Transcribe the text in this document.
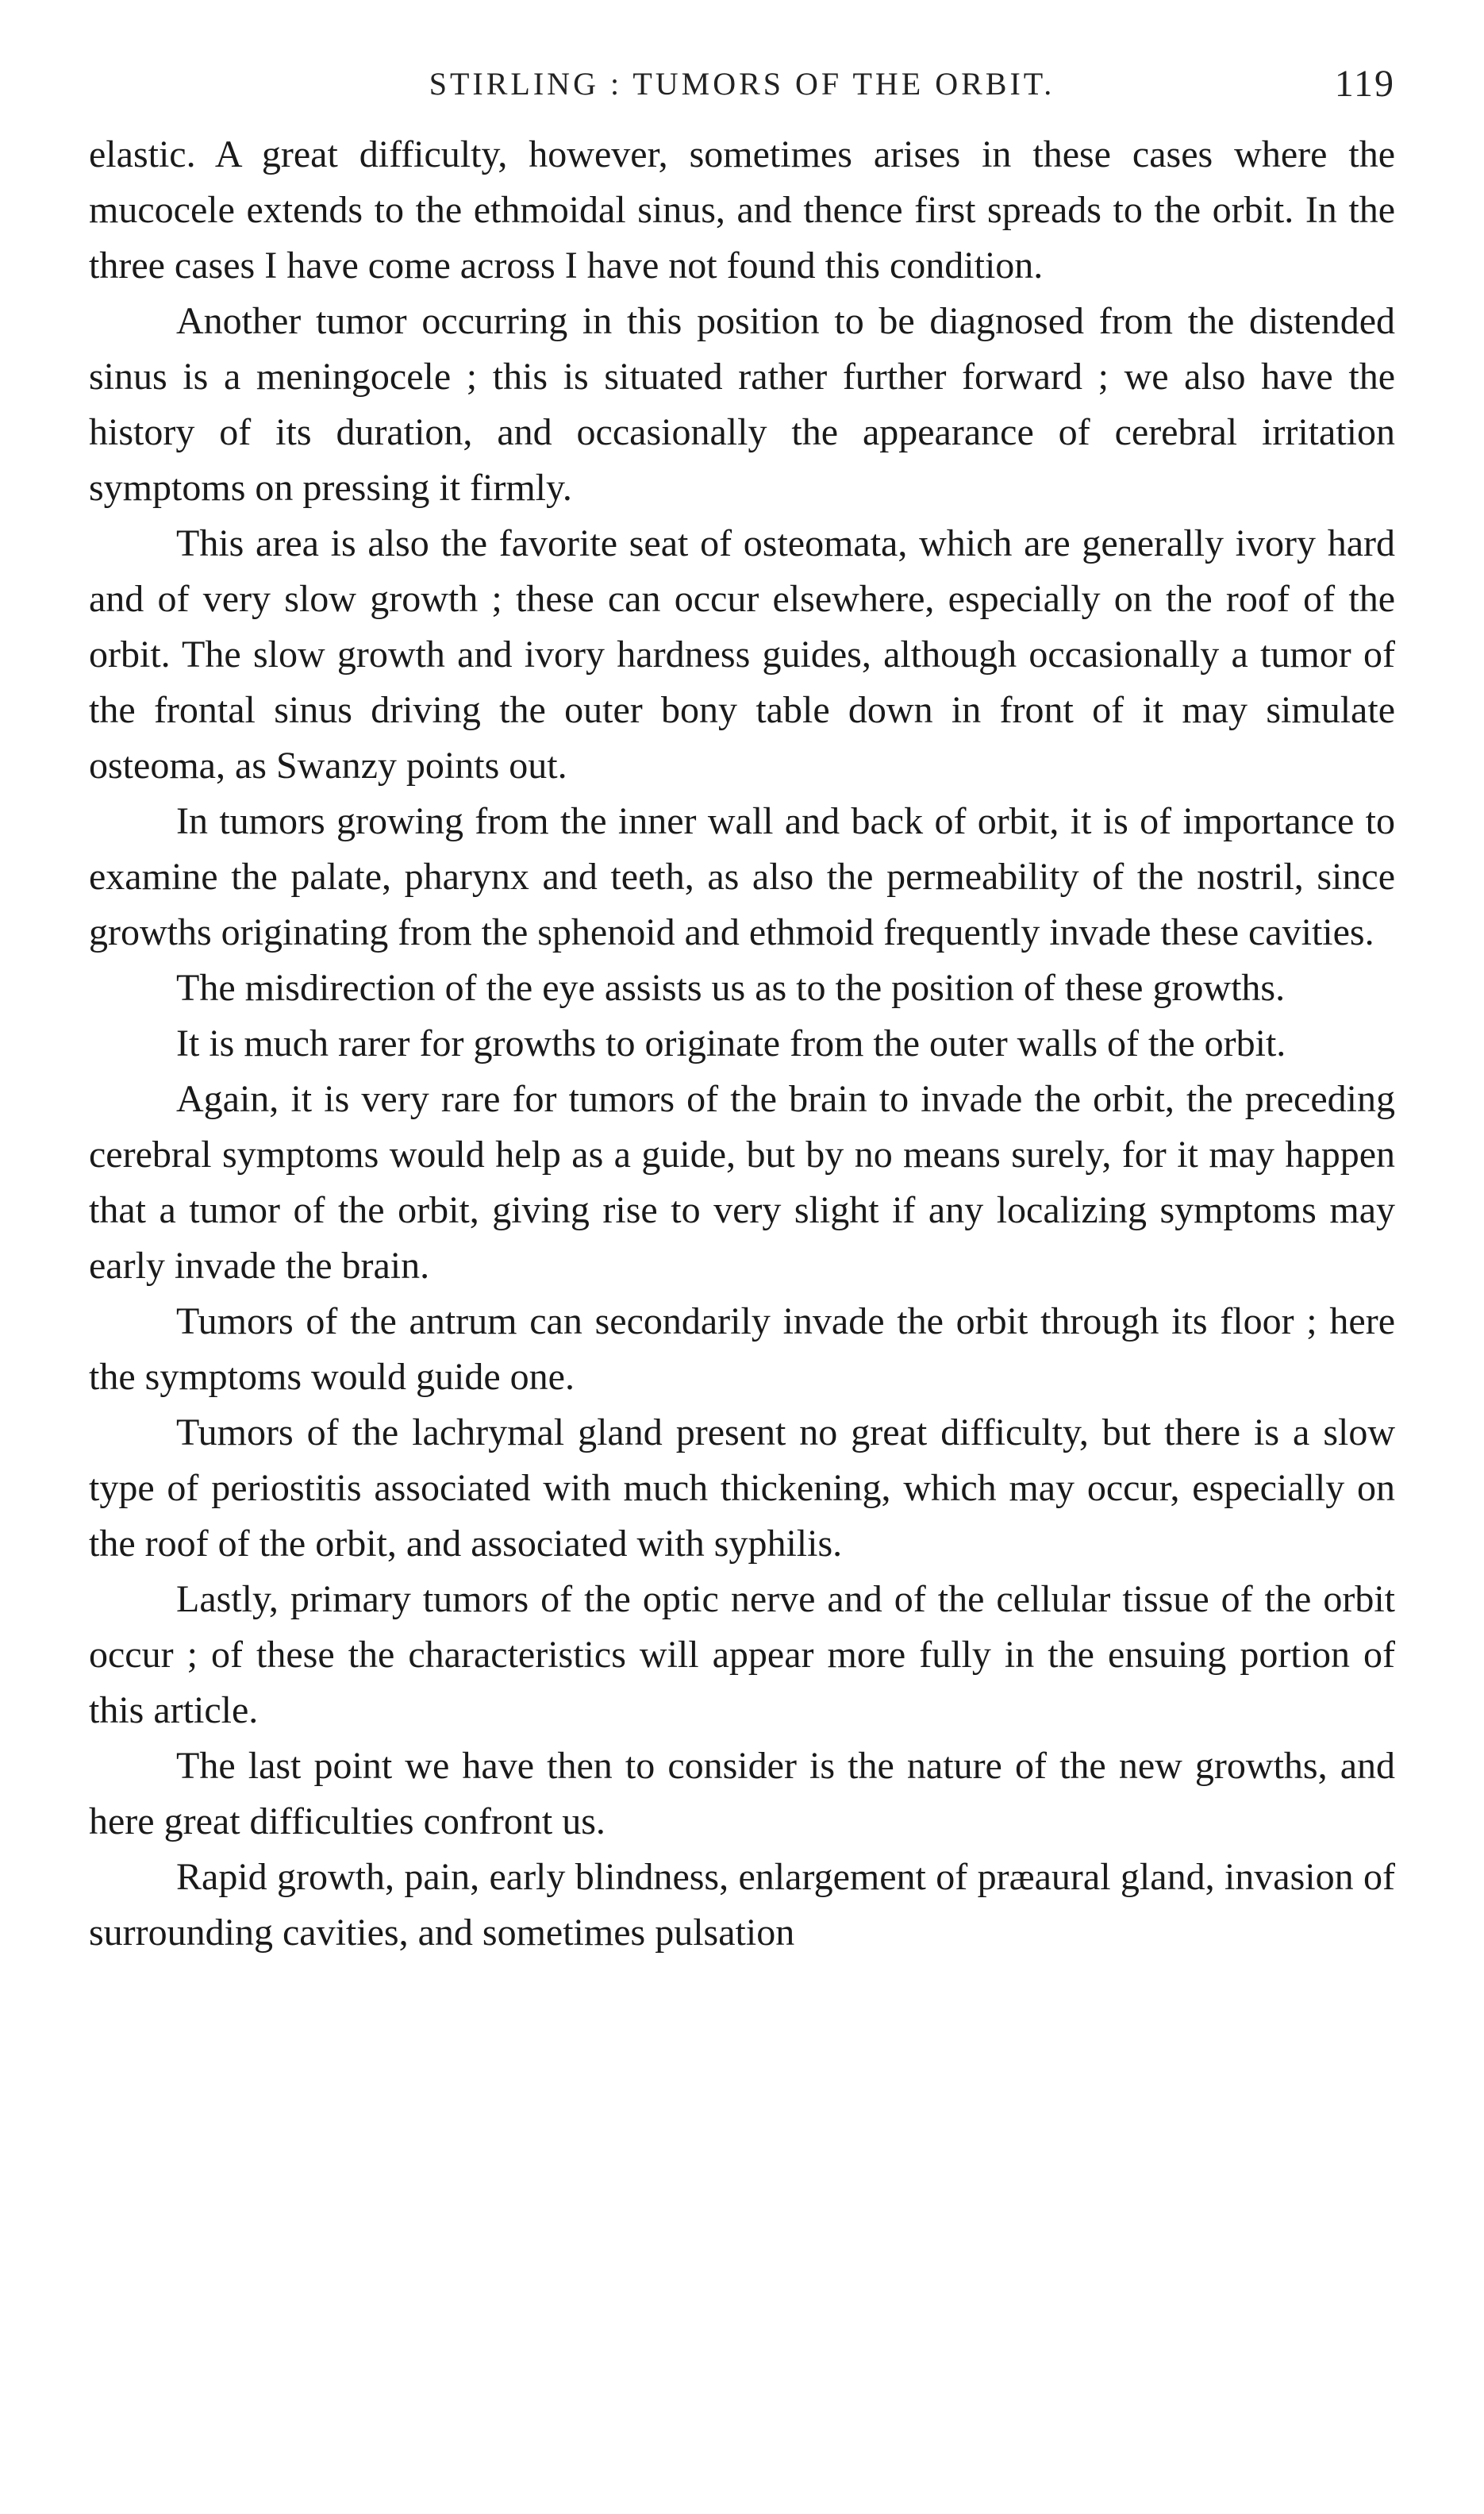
STIRLING : TUMORS OF THE ORBIT.	119

elastic. A great difficulty, however, sometimes arises in these cases where the mucocele extends to the ethmoidal sinus, and thence first spreads to the orbit. In the three cases I have come across I have not found this condition.

Another tumor occurring in this position to be diagnosed from the distended sinus is a meningocele ; this is situated rather further forward ; we also have the history of its duration, and occasionally the appearance of cerebral irritation symptoms on pressing it firmly.

This area is also the favorite seat of osteomata, which are generally ivory hard and of very slow growth ; these can occur elsewhere, especially on the roof of the orbit. The slow growth and ivory hardness guides, although occasionally a tumor of the frontal sinus driving the outer bony table down in front of it may simulate osteoma, as Swanzy points out.

In tumors growing from the inner wall and back of orbit, it is of importance to examine the palate, pharynx and teeth, as also the permeability of the nostril, since growths originating from the sphenoid and ethmoid frequently invade these cavities.

The misdirection of the eye assists us as to the position of these growths.

It is much rarer for growths to originate from the outer walls of the orbit.

Again, it is very rare for tumors of the brain to invade the orbit, the preceding cerebral symptoms would help as a guide, but by no means surely, for it may happen that a tumor of the orbit, giving rise to very slight if any localizing symptoms may early invade the brain.

Tumors of the antrum can secondarily invade the orbit through its floor ; here the symptoms would guide one.

Tumors of the lachrymal gland present no great difficulty, but there is a slow type of periostitis associated with much thickening, which may occur, especially on the roof of the orbit, and associated with syphilis.

Lastly, primary tumors of the optic nerve and of the cellular tissue of the orbit occur ; of these the characteristics will appear more fully in the ensuing portion of this article.

The last point we have then to consider is the nature of the new growths, and here great difficulties confront us.

Rapid growth, pain, early blindness, enlargement of præaural gland, invasion of surrounding cavities, and sometimes pulsation
